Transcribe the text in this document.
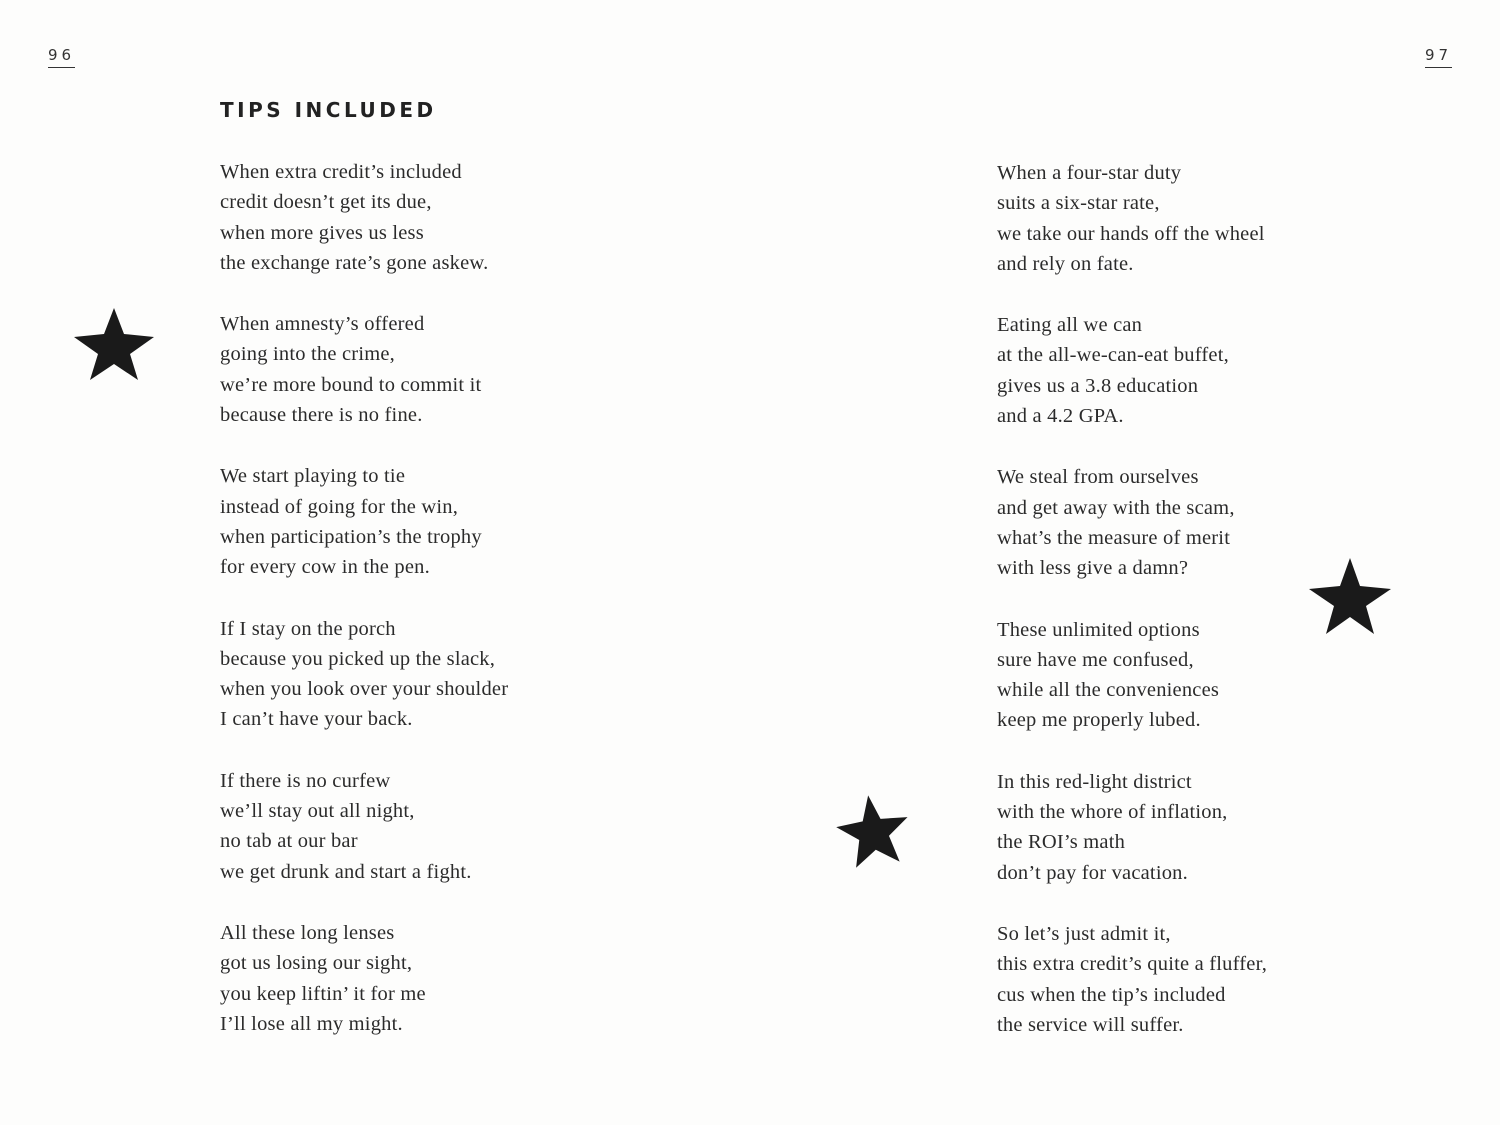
96	97
TIPS INCLUDED
When extra credit’s included
credit doesn’t get its due,
when more gives us less
the exchange rate’s gone askew.
When amnesty’s offered
going into the crime,
we’re more bound to commit it
because there is no fine.
We start playing to tie
instead of going for the win,
when participation’s the trophy
for every cow in the pen.
If I stay on the porch
because you picked up the slack,
when you look over your shoulder
I can’t have your back.
If there is no curfew
we’ll stay out all night,
no tab at our bar
we get drunk and start a fight.
All these long lenses
got us losing our sight,
you keep liftin’ it for me
I’ll lose all my might.
When a four-star duty
suits a six-star rate,
we take our hands off the wheel
and rely on fate.
Eating all we can
at the all-we-can-eat buffet,
gives us a 3.8 education
and a 4.2 GPA.
We steal from ourselves
and get away with the scam,
what’s the measure of merit
with less give a damn?
These unlimited options
sure have me confused,
while all the conveniences
keep me properly lubed.
In this red-light district
with the whore of inflation,
the ROI’s math
don’t pay for vacation.
So let’s just admit it,
this extra credit’s quite a fluffer,
cus when the tip’s included
the service will suffer.
